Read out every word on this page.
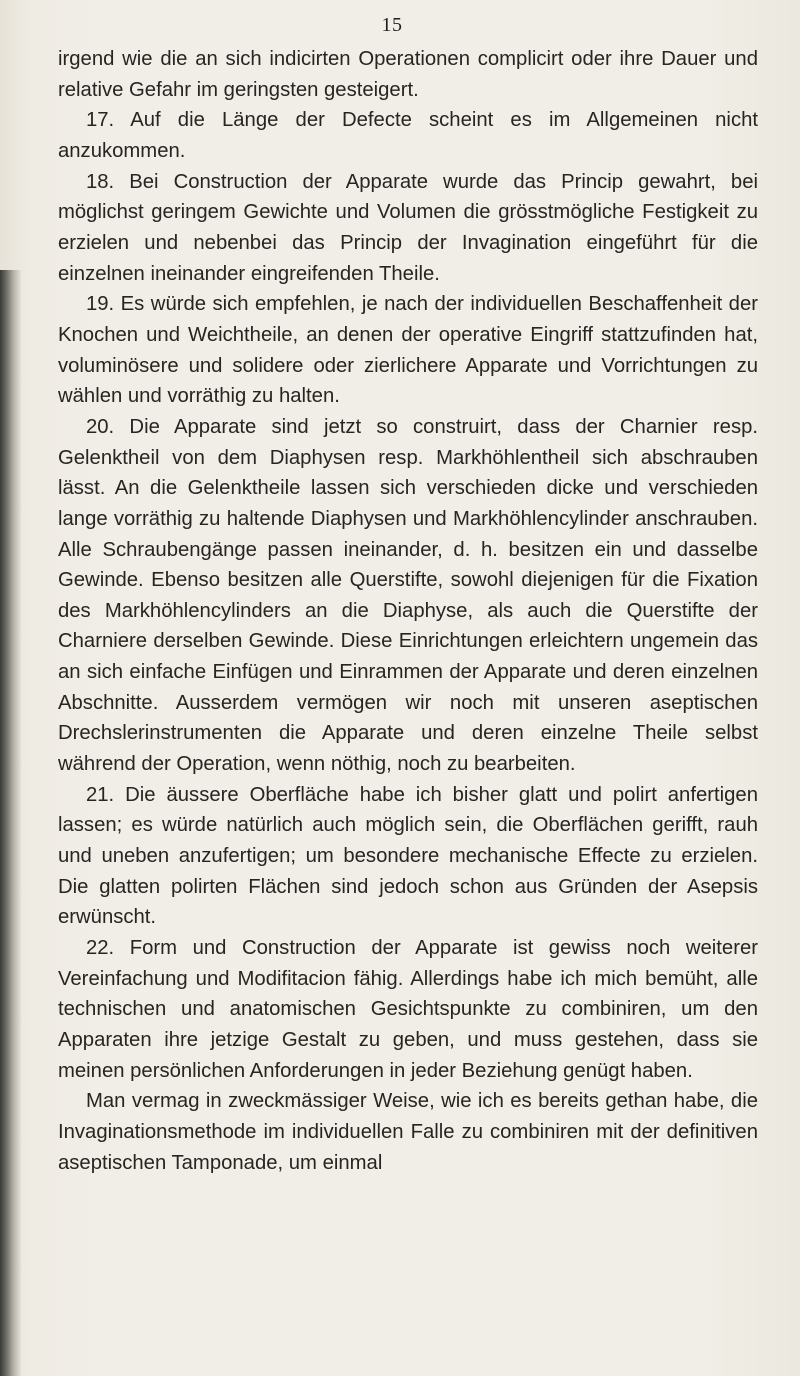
15

irgend wie die an sich indicirten Operationen complicirt oder ihre Dauer und relative Gefahr im geringsten gesteigert.

17. Auf die Länge der Defecte scheint es im Allgemeinen nicht anzukommen.

18. Bei Construction der Apparate wurde das Princip gewahrt, bei möglichst geringem Gewichte und Volumen die grösstmögliche Festigkeit zu erzielen und nebenbei das Princip der Invagination eingeführt für die einzelnen ineinander eingreifenden Theile.

19. Es würde sich empfehlen, je nach der individuellen Beschaffenheit der Knochen und Weichtheile, an denen der operative Eingriff stattzufinden hat, voluminösere und solidere oder zierlichere Apparate und Vorrichtungen zu wählen und vorräthig zu halten.

20. Die Apparate sind jetzt so construirt, dass der Charnier resp. Gelenktheil von dem Diaphysen resp. Markhöhlentheil sich abschrauben lässt. An die Gelenktheile lassen sich verschieden dicke und verschieden lange vorräthig zu haltende Diaphysen und Markhöhlencylinder anschrauben. Alle Schraubengänge passen ineinander, d. h. besitzen ein und dasselbe Gewinde. Ebenso besitzen alle Querstifte, sowohl diejenigen für die Fixation des Markhöhlencylinders an die Diaphyse, als auch die Querstifte der Charniere derselben Gewinde. Diese Einrichtungen erleichtern ungemein das an sich einfache Einfügen und Einrammen der Apparate und deren einzelnen Abschnitte. Ausserdem vermögen wir noch mit unseren aseptischen Drechslerinstrumenten die Apparate und deren einzelne Theile selbst während der Operation, wenn nöthig, noch zu bearbeiten.

21. Die äussere Oberfläche habe ich bisher glatt und polirt anfertigen lassen; es würde natürlich auch möglich sein, die Oberflächen gerifft, rauh und uneben anzufertigen; um besondere mechanische Effecte zu erzielen. Die glatten polirten Flächen sind jedoch schon aus Gründen der Asepsis erwünscht.

22. Form und Construction der Apparate ist gewiss noch weiterer Vereinfachung und Modifitacion fähig. Allerdings habe ich mich bemüht, alle technischen und anatomischen Gesichtspunkte zu combiniren, um den Apparaten ihre jetzige Gestalt zu geben, und muss gestehen, dass sie meinen persönlichen Anforderungen in jeder Beziehung genügt haben.

Man vermag in zweckmässiger Weise, wie ich es bereits gethan habe, die Invaginationsmethode im individuellen Falle zu combiniren mit der definitiven aseptischen Tamponade, um einmal
